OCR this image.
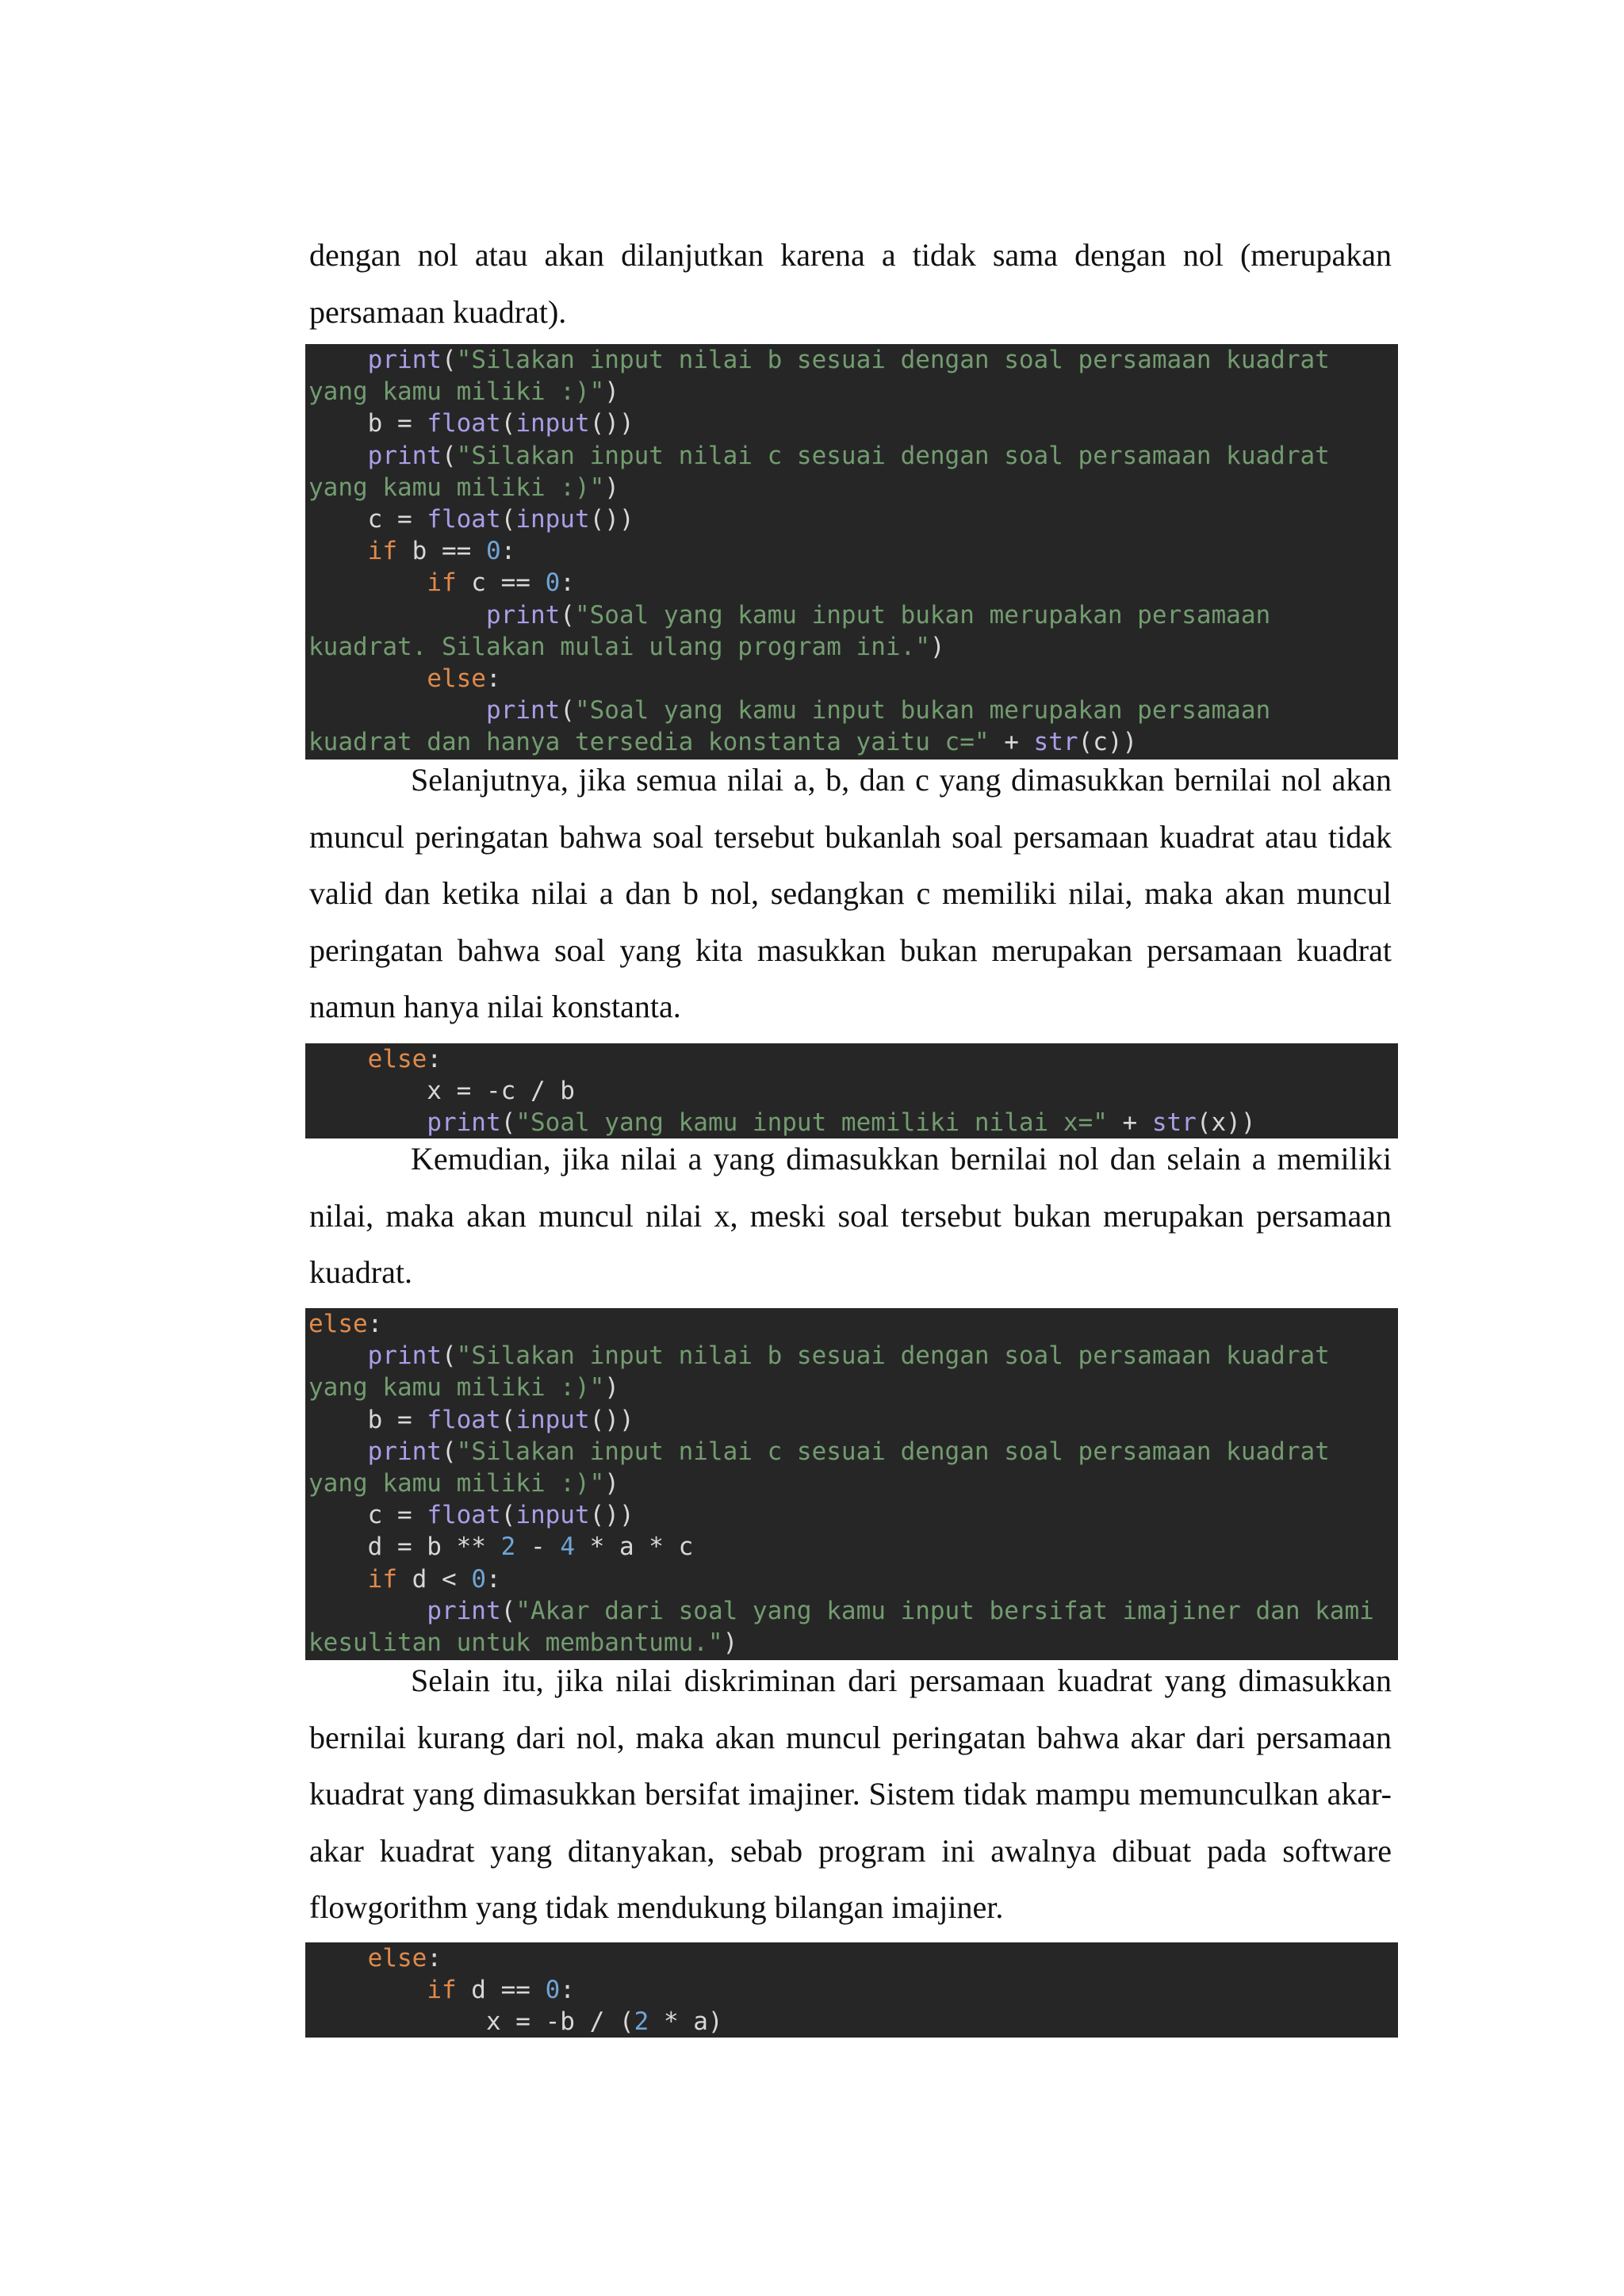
dengan nol atau akan dilanjutkan karena a tidak sama dengan nol (merupakan persamaan kuadrat).

print("Silakan input nilai b sesuai dengan soal persamaan kuadrat
yang kamu miliki :)")
b = float(input())
print("Silakan input nilai c sesuai dengan soal persamaan kuadrat
yang kamu miliki :)")
c = float(input())
if b == 0:
if c == 0:
print("Soal yang kamu input bukan merupakan persamaan
kuadrat. Silakan mulai ulang program ini.")
else:
print("Soal yang kamu input bukan merupakan persamaan
kuadrat dan hanya tersedia konstanta yaitu c=" + str(c))

Selanjutnya, jika semua nilai a, b, dan c yang dimasukkan bernilai nol akan muncul peringatan bahwa soal tersebut bukanlah soal persamaan kuadrat atau tidak valid dan ketika nilai a dan b nol, sedangkan c memiliki nilai, maka akan muncul peringatan bahwa soal yang kita masukkan bukan merupakan persamaan kuadrat namun hanya nilai konstanta.

else:
x = -c / b
print("Soal yang kamu input memiliki nilai x=" + str(x))

Kemudian, jika nilai a yang dimasukkan bernilai nol dan selain a memiliki nilai, maka akan muncul nilai x, meski soal tersebut bukan merupakan persamaan kuadrat.

else:
print("Silakan input nilai b sesuai dengan soal persamaan kuadrat
yang kamu miliki :)")
b = float(input())
print("Silakan input nilai c sesuai dengan soal persamaan kuadrat
yang kamu miliki :)")
c = float(input())
d = b ** 2 - 4 * a * c
if d < 0:
print("Akar dari soal yang kamu input bersifat imajiner dan kami
kesulitan untuk membantumu.")

Selain itu, jika nilai diskriminan dari persamaan kuadrat yang dimasukkan bernilai kurang dari nol, maka akan muncul peringatan bahwa akar dari persamaan kuadrat yang dimasukkan bersifat imajiner. Sistem tidak mampu memunculkan akar-akar kuadrat yang ditanyakan, sebab program ini awalnya dibuat pada software flowgorithm yang tidak mendukung bilangan imajiner.

else:
if d == 0:
x = -b / (2 * a)
